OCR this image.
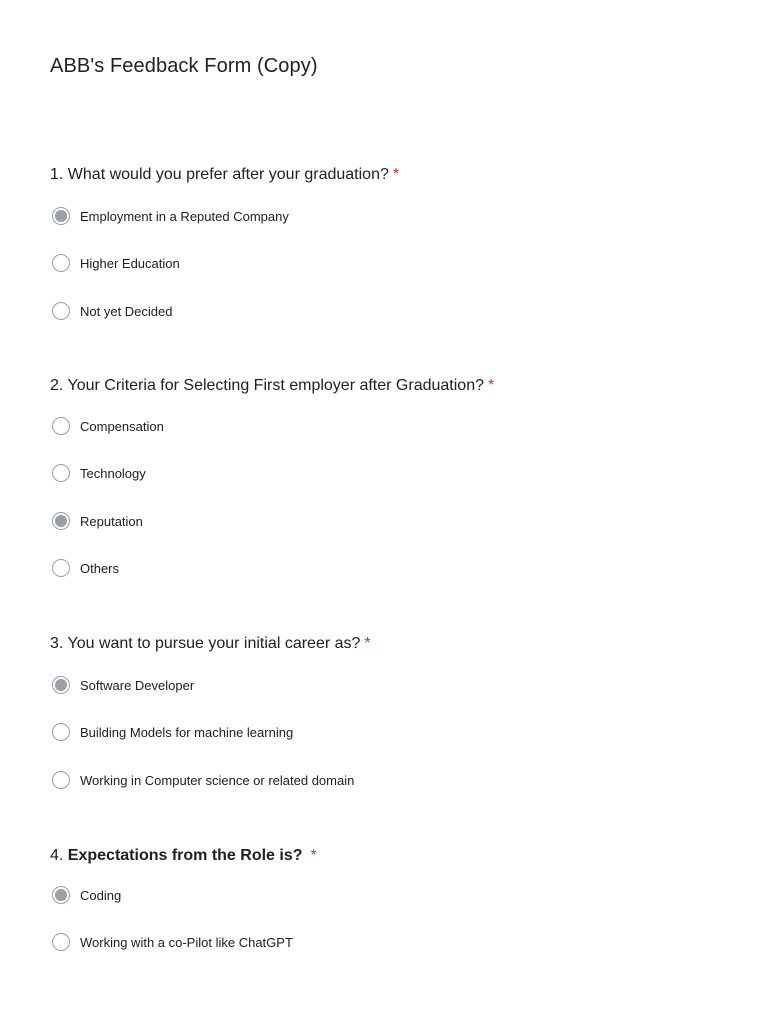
ABB's Feedback Form (Copy)
1. What would you prefer after your graduation? *
Employment in a Reputed Company
Higher Education
Not yet Decided
2. Your Criteria for Selecting First employer after Graduation? *
Compensation
Technology
Reputation
Others
3. You want to pursue your initial career as? *
Software Developer
Building Models for machine learning
Working in Computer science or related domain
4. Expectations from the Role is? *
Coding
Working with a co-Pilot like ChatGPT
